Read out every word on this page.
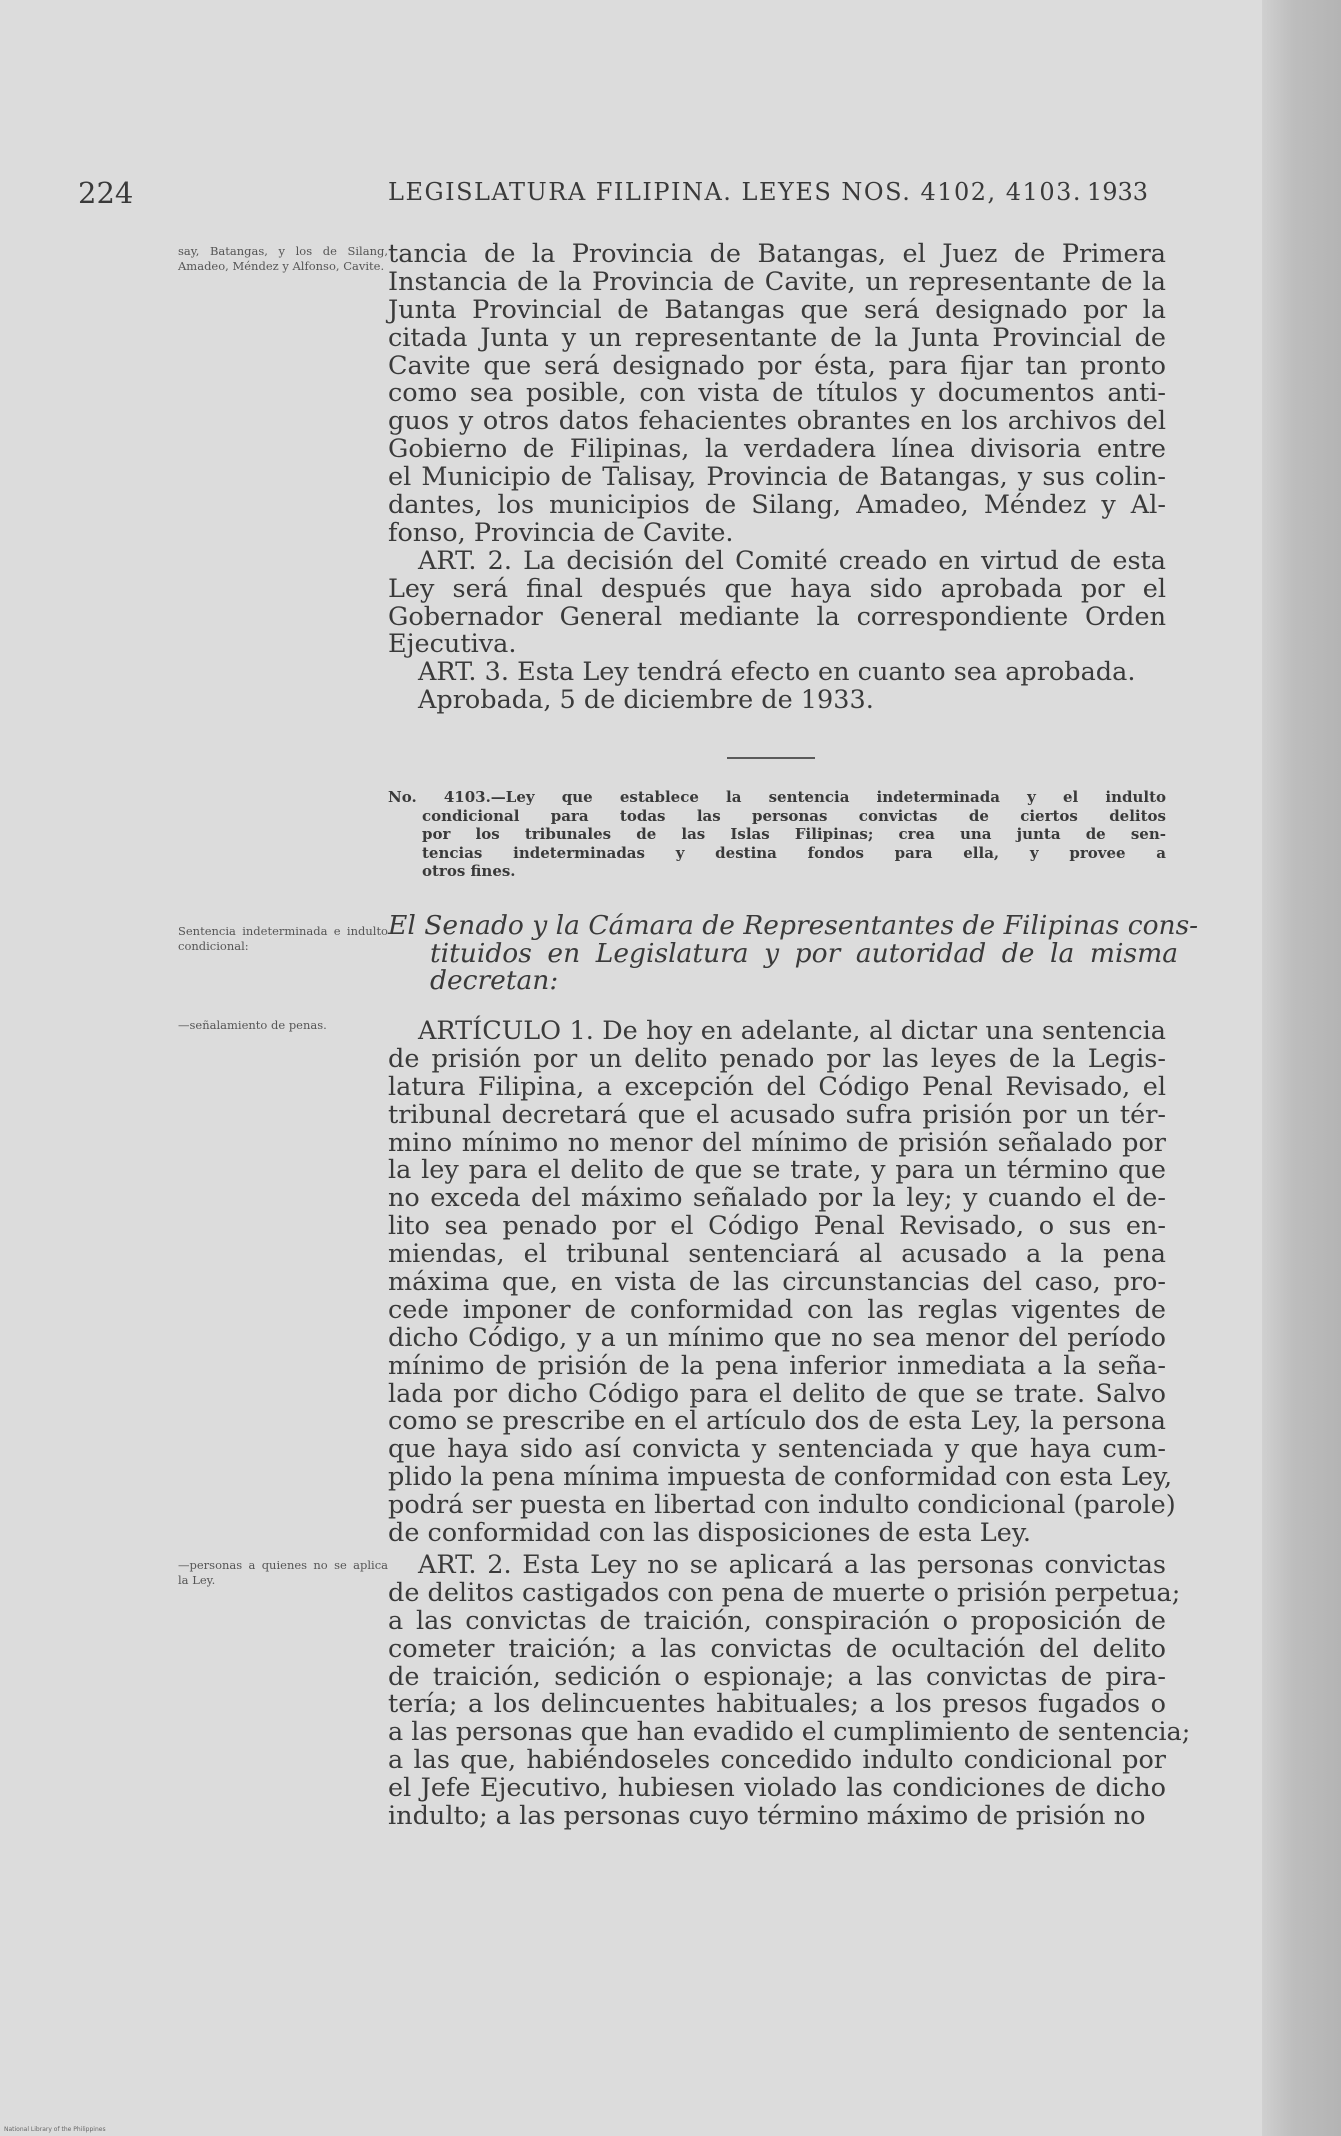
224	LEGISLATURA FILIPINA. LEYES NOS. 4102, 4103. 1933
say, Batangas, y los de Silang, Amadeo, Méndez y Alfonso, Cavite.
Sentencia indeterminada e indulto condicional:
—señalamiento de penas.
—personas a quienes no se aplica la Ley.
tancia de la Provincia de Batangas, el Juez de Primera
Instancia de la Provincia de Cavite, un representante de la
Junta Provincial de Batangas que será designado por la
citada Junta y un representante de la Junta Provincial de
Cavite que será designado por ésta, para fijar tan pronto
como sea posible, con vista de títulos y documentos anti-
guos y otros datos fehacientes obrantes en los archivos del
Gobierno de Filipinas, la verdadera línea divisoria entre
el Municipio de Talisay, Provincia de Batangas, y sus colin-
dantes, los municipios de Silang, Amadeo, Méndez y Al-
fonso, Provincia de Cavite.
ART. 2. La decisión del Comité creado en virtud de esta
Ley será final después que haya sido aprobada por el
Gobernador General mediante la correspondiente Orden
Ejecutiva.
ART. 3. Esta Ley tendrá efecto en cuanto sea aprobada.
Aprobada, 5 de diciembre de 1933.
No. 4103.—Ley que establece la sentencia indeterminada y el indulto
condicional para todas las personas convictas de ciertos delitos
por los tribunales de las Islas Filipinas; crea una junta de sen-
tencias indeterminadas y destina fondos para ella, y provee a
otros fines.
El Senado y la Cámara de Representantes de Filipinas cons-
tituidos en Legislatura y por autoridad de la misma
decretan:
ARTÍCULO 1. De hoy en adelante, al dictar una sentencia
de prisión por un delito penado por las leyes de la Legis-
latura Filipina, a excepción del Código Penal Revisado, el
tribunal decretará que el acusado sufra prisión por un tér-
mino mínimo no menor del mínimo de prisión señalado por
la ley para el delito de que se trate, y para un término que
no exceda del máximo señalado por la ley; y cuando el de-
lito sea penado por el Código Penal Revisado, o sus en-
miendas, el tribunal sentenciará al acusado a la pena
máxima que, en vista de las circunstancias del caso, pro-
cede imponer de conformidad con las reglas vigentes de
dicho Código, y a un mínimo que no sea menor del período
mínimo de prisión de la pena inferior inmediata a la seña-
lada por dicho Código para el delito de que se trate. Salvo
como se prescribe en el artículo dos de esta Ley, la persona
que haya sido así convicta y sentenciada y que haya cum-
plido la pena mínima impuesta de conformidad con esta Ley,
podrá ser puesta en libertad con indulto condicional (parole)
de conformidad con las disposiciones de esta Ley.
ART. 2. Esta Ley no se aplicará a las personas convictas
de delitos castigados con pena de muerte o prisión perpetua;
a las convictas de traición, conspiración o proposición de
cometer traición; a las convictas de ocultación del delito
de traición, sedición o espionaje; a las convictas de pira-
tería; a los delincuentes habituales; a los presos fugados o
a las personas que han evadido el cumplimiento de sentencia;
a las que, habiéndoseles concedido indulto condicional por
el Jefe Ejecutivo, hubiesen violado las condiciones de dicho
indulto; a las personas cuyo término máximo de prisión no
National Library of the Philippines
